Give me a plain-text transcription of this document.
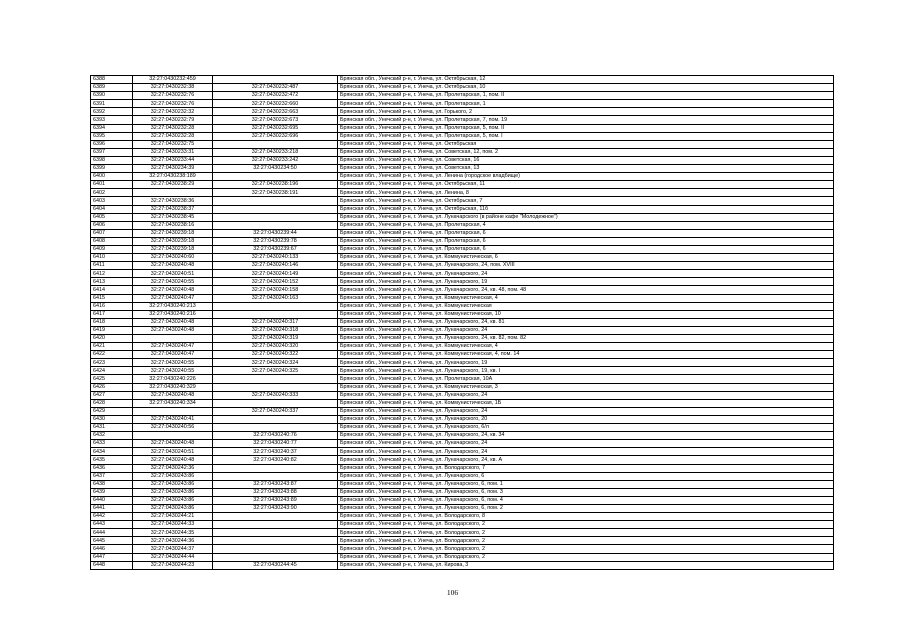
6388	32:27:0430232:459		Брянская обл., Унечский р-н, г. Унеча, ул. Октябрьская, 12
6389	32:27:0430232:38	32:27:0430232:487	Брянская обл., Унечский р-н, г. Унеча, ул. Октябрьская, 10
6390	32:27:0430232:76	32:27:0430232:472	Брянская обл., Унечский р-н, г. Унеча, ул. Пролетарская, 1, пом. II
6391	32:27:0430232:76	32:27:0430232:660	Брянская обл., Унечский р-н, г. Унеча, ул. Пролетарская, 1
6392	32:27:0430232:32	32:27:0430232:663	Брянская обл., Унечский р-н, г. Унеча, ул. Горького, 2
6393	32:27:0430232:79	32:27:0430232:673	Брянская обл., Унечский р-н, г. Унеча, ул. Пролетарская, 7, пом. 19
6394	32:27:0430232:28	32:27:0430232:695	Брянская обл., Унечский р-н, г. Унеча, ул. Пролетарская, 5, пом. II
6395	32:27:0430232:28	32:27:0430232:696	Брянская обл., Унечский р-н, г. Унеча, ул. Пролетарская, 5, пом. I
6396	32:27:0430232:75		Брянская обл., Унечский р-н, г. Унеча, ул. Октябрьская
6397	32:27:0430233:31	32:27:0430233:218	Брянская обл., Унечский р-н, г. Унеча, ул. Советская, 12, пом. 2
6398	32:27:0430233:44	32:27:0430233:242	Брянская обл., Унечский р-н, г. Унеча, ул. Советская, 16
6399	32:27:0430234:39	32:27:0430234:50	Брянская обл., Унечский р-н, г. Унеча, ул. Советская, 13
6400	32:27:0430238:189		Брянская обл., Унечский р-н, г. Унеча, ул. Ленина (городское владбище)
6401	32:27:0430238:29	32:27:0430238:196	Брянская обл., Унечский р-н, г. Унеча, ул. Октябрьская, 11
6402		32:27:0430238:191	Брянская обл., Унечский р-н, г. Унеча, ул. Ленина, 8
6403	32:27:0430238:36		Брянская обл., Унечский р-н, г. Унеча, ул. Октябрьская, 7
6404	32:27:0430238:37		Брянская обл., Унечский р-н, г. Унеча, ул. Октябрьская, 11б
6405	32:27:0430238:45		Брянская обл., Унечский р-н, г. Унеча, ул. Луначарского (в районе кафе "Молодежное")
6406	32:27:0430238:16		Брянская обл., Унечский р-н, г. Унеча, ул. Пролетарская, 4
6407	32:27:0430239:18	32:27:0430239:44	Брянская обл., Унечский р-н, г. Унеча, ул. Пролетарская, 6
6408	32:27:0430239:18	32:27:0430239:78	Брянская обл., Унечский р-н, г. Унеча, ул. Пролетарская, 6
6409	32:27:0430239:18	32:27:0430239:67	Брянская обл., Унечский р-н, г. Унеча, ул. Пролетарская, 6
6410	32:27:0430240:60	32:27:0430240:133	Брянская обл., Унечский р-н, г. Унеча, ул. Коммунистическая, 6
6411	32:27:0430240:48	32:27:0430240:146	Брянская обл., Унечский р-н, г. Унеча, ул. Луначарского, 24, пом. XVIII
6412	32:27:0430240:51	32:27:0430240:149	Брянская обл., Унечский р-н, г. Унеча, ул. Луначарского, 24
6413	32:27:0430240:55	32:27:0430240:152	Брянская обл., Унечский р-н, г. Унеча, ул. Луначарского, 19
6414	32:27:0430240:48	32:27:0430240:158	Брянская обл., Унечский р-н, г. Унеча, ул. Луначарского, 24, кв. 48, пом. 48
6415	32:27:0430240:47	32:27:0430240:163	Брянская обл., Унечский р-н, г. Унеча, ул. Коммунистическая, 4
6416	32:27:0430240:213		Брянская обл., Унечский р-н, г. Унеча, ул. Коммунистическая
6417	32:27:0430240:216		Брянская обл., Унечский р-н, г. Унеча, ул. Коммунистическая, 10
6418	32:27:0430240:48	32:27:0430240:317	Брянская обл., Унечский р-н, г. Унеча, ул. Луначарского, 24, кв. 81
6419	32:27:0430240:48	32:27:0430240:318	Брянская обл., Унечский р-н, г. Унеча, ул. Луначарского, 24
6420		32:27:0430240:319	Брянская обл., Унечский р-н, г. Унеча, ул. Луначарского, 24, кв. 82, пом. 82
6421	32:27:0430240:47	32:27:0430240:320	Брянская обл., Унечский р-н, г. Унеча, ул. Коммунистическая, 4
6422	32:27:0430240:47	32:27:0430240:322	Брянская обл., Унечский р-н, г. Унеча, ул. Коммунистическая, 4, пом. 14
6423	32:27:0430240:55	32:27:0430240:324	Брянская обл., Унечский р-н, г. Унеча, ул. Луначарского, 19
6424	32:27:0430240:55	32:27:0430240:325	Брянская обл., Унечский р-н, г. Унеча, ул. Луначарского, 19, кв. I
6425	32:27:0430240:226		Брянская обл., Унечский р-н, г. Унеча, ул. Пролетарская, 10А
6426	32:27:0430240:329		Брянская обл., Унечский р-н, г. Унеча, ул. Коммунистическая, 3
6427	32:27:0430240:48	32:27:0430240:333	Брянская обл., Унечский р-н, г. Унеча, ул. Луначарского, 24
6428	32:27:0430240:334		Брянская обл., Унечский р-н, г. Унеча, ул. Коммунистическая, 1Б
6429		32:27:0430240:337	Брянская обл., Унечский р-н, г. Унеча, ул. Луначарского, 24
6430	32:27:0430240:41		Брянская обл., Унечский р-н, г. Унеча, ул. Луначарского, 20
6431	32:27:0430240:56		Брянская обл., Унечский р-н, г. Унеча, ул. Луначарского, 6/л
6432		32:27:0430240:76	Брянская обл., Унечский р-н, г. Унеча, ул. Луначарского, 24, кв. 34
6433	32:27:0430240:48	32:27:0430240:77	Брянская обл., Унечский р-н, г. Унеча, ул. Луначарского, 24
6434	32:27:0430240:51	32:27:0430240:37	Брянская обл., Унечский р-н, г. Унеча, ул. Луначарского, 24
6435	32:27:0430240:48	32:27:0430240:82	Брянская обл., Унечский р-н, г. Унеча, ул. Луначарского, 24, кв. А
6436	32:27:0430242:36		Брянская обл., Унечский р-н, г. Унеча, ул. Володарского, 7
6437	32:27:0430243:86		Брянская обл., Унечский р-н, г. Унеча, ул. Луначарского, 6
6438	32:27:0430243:86	32:27:0430243:87	Брянская обл., Унечский р-н, г. Унеча, ул. Луначарского, 6, пом. 1
6439	32:27:0430243:86	32:27:0430243:88	Брянская обл., Унечский р-н, г. Унеча, ул. Луначарского, 6, пом. 3
6440	32:27:0430243:86	32:27:0430243:89	Брянская обл., Унечский р-н, г. Унеча, ул. Луначарского, 6, пом. 4
6441	32:27:0430243:86	32:27:0430243:90	Брянская обл., Унечский р-н, г. Унеча, ул. Луначарского, 6, пом. 2
6442	32:27:0430244:21		Брянская обл., Унечский р-н, г. Унеча, ул. Володарского, 8
6443	32:27:0430244:33		Брянская обл., Унечский р-н, г. Унеча, ул. Володарского, 2
6444	32:27:0430244:35		Брянская обл., Унечский р-н, г. Унеча, ул. Володарского, 2
6445	32:27:0430244:36		Брянская обл., Унечский р-н, г. Унеча, ул. Володарского, 2
6446	32:27:0430244:37		Брянская обл., Унечский р-н, г. Унеча, ул. Володарского, 2
6447	32:27:0430244:44		Брянская обл., Унечский р-н, г. Унеча, ул. Володарского, 2
6448	32:27:0430244:23	32:27:0430244:45	Брянская обл., Унечский р-н, г. Унеча, ул. Кирова, 3
106
